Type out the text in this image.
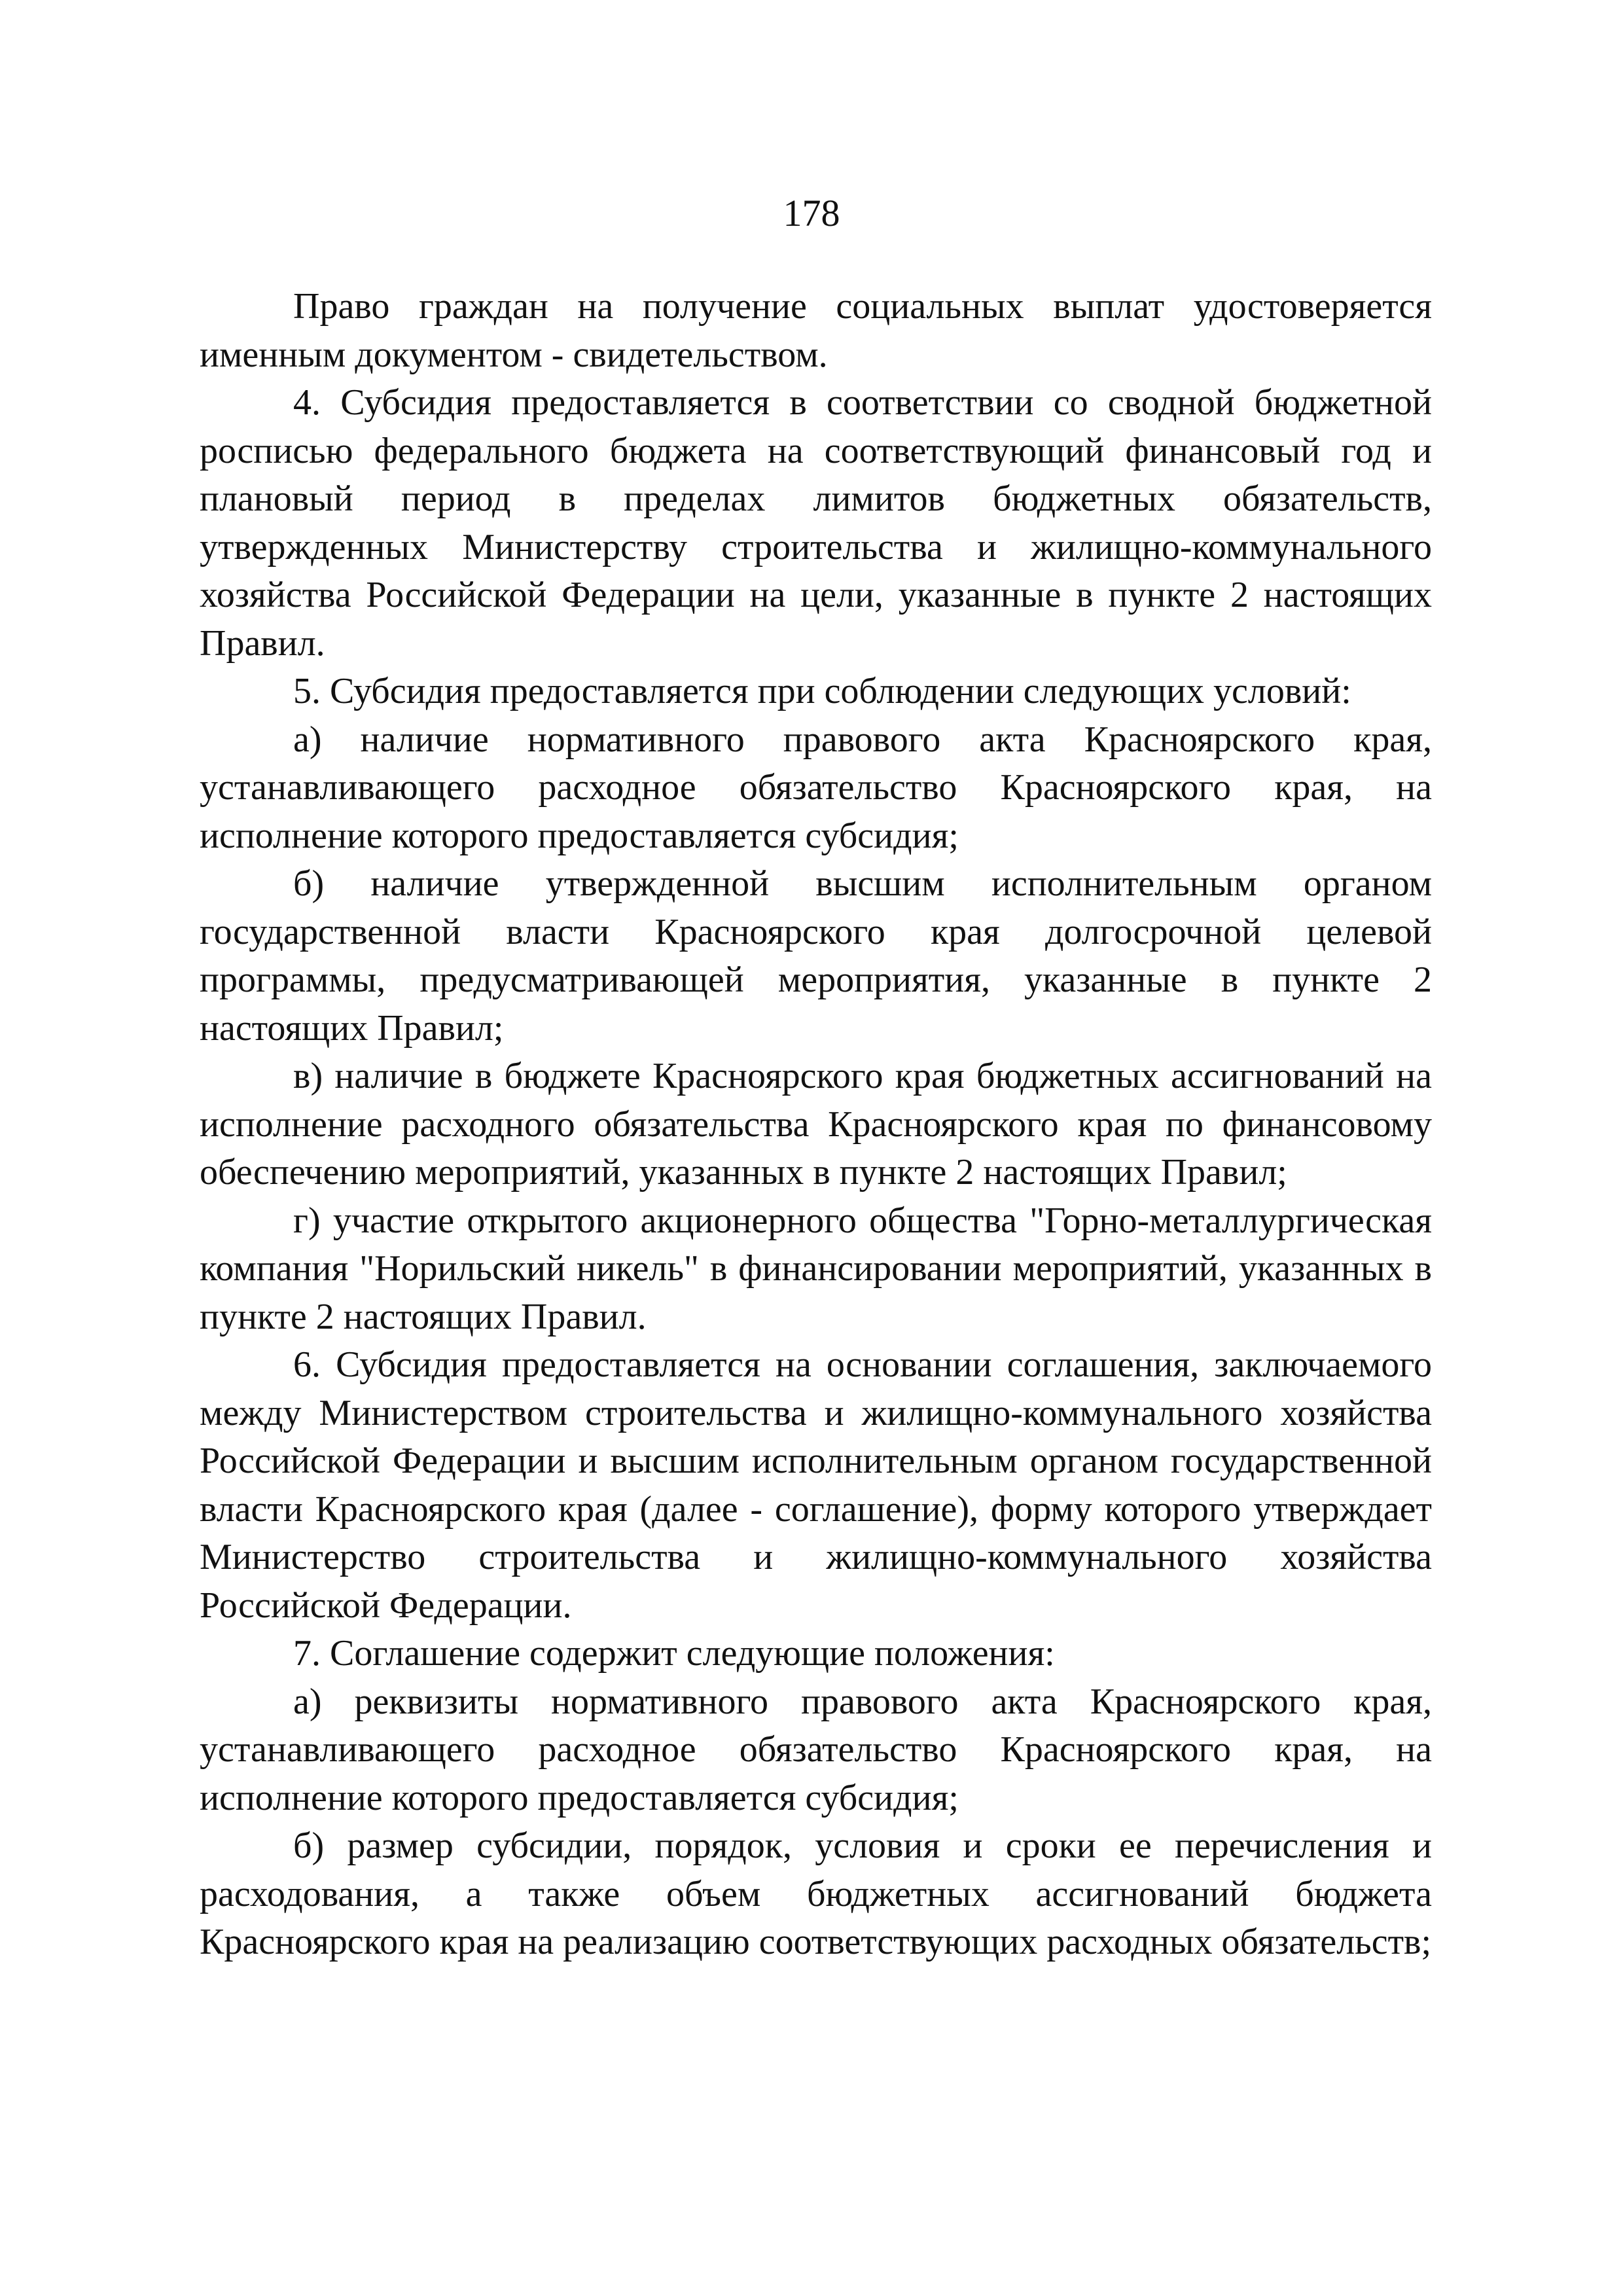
178

Право граждан на получение социальных выплат удостоверяется именным документом - свидетельством.

4. Субсидия предоставляется в соответствии со сводной бюджетной росписью федерального бюджета на соответствующий финансовый год и плановый период в пределах лимитов бюджетных обязательств, утвержденных Министерству строительства и жилищно-коммунального хозяйства Российской Федерации на цели, указанные в пункте 2 настоящих Правил.

5. Субсидия предоставляется при соблюдении следующих условий:

а) наличие нормативного правового акта Красноярского края, устанавливающего расходное обязательство Красноярского края, на исполнение которого предоставляется субсидия;

б) наличие утвержденной высшим исполнительным органом государственной власти Красноярского края долгосрочной целевой программы, предусматривающей мероприятия, указанные в пункте 2 настоящих Правил;

в) наличие в бюджете Красноярского края бюджетных ассигнований на исполнение расходного обязательства Красноярского края по финансовому обеспечению мероприятий, указанных в пункте 2 настоящих Правил;

г) участие открытого акционерного общества "Горно-металлургическая компания "Норильский никель" в финансировании мероприятий, указанных в пункте 2 настоящих Правил.

6. Субсидия предоставляется на основании соглашения, заключаемого между Министерством строительства и жилищно-коммунального хозяйства Российской Федерации и высшим исполнительным органом государственной власти Красноярского края (далее - соглашение), форму которого утверждает Министерство строительства и жилищно-коммунального хозяйства Российской Федерации.

7. Соглашение содержит следующие положения:

а) реквизиты нормативного правового акта Красноярского края, устанавливающего расходное обязательство Красноярского края, на исполнение которого предоставляется субсидия;

б) размер субсидии, порядок, условия и сроки ее перечисления и расходования, а также объем бюджетных ассигнований бюджета Красноярского края на реализацию соответствующих расходных обязательств;
